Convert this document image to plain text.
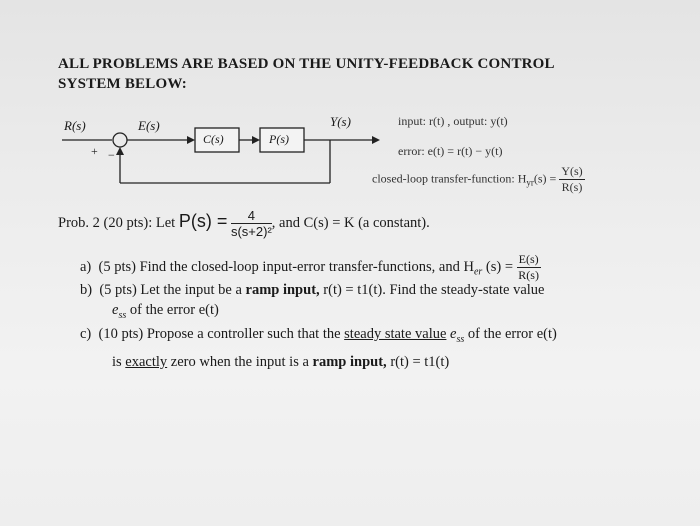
ALL PROBLEMS ARE BASED ON THE UNITY-FEEDBACK CONTROL
SYSTEM BELOW:
R(s)	E(s)	Y(s)
C(s)	P(s)
+ −
input: r(t) , output: y(t)
error: e(t) = r(t) − y(t)
closed-loop transfer-function: $H_{yr}(s) = \frac{Y(s)}{R(s)}$
Prob. 2 (20 pts): Let $P(s) = \frac{4}{\text{s(s+2)²}}$ , and C(s) = K (a constant).
a) (5 pts) Find the closed-loop input-error transfer-functions, and $H_{er}$ $(s) = \frac{E(s)}{R(s)}$
b) (5 pts) Let the input be a ramp input, r(t) = t1(t). Find the steady-state value
$e_{ss}$ of the error e(t)
c) (10 pts) Propose a controller such that the steady state value $e_{ss}$ of the error e(t)
is exactly zero when the input is a ramp input, r(t) = t1(t)
